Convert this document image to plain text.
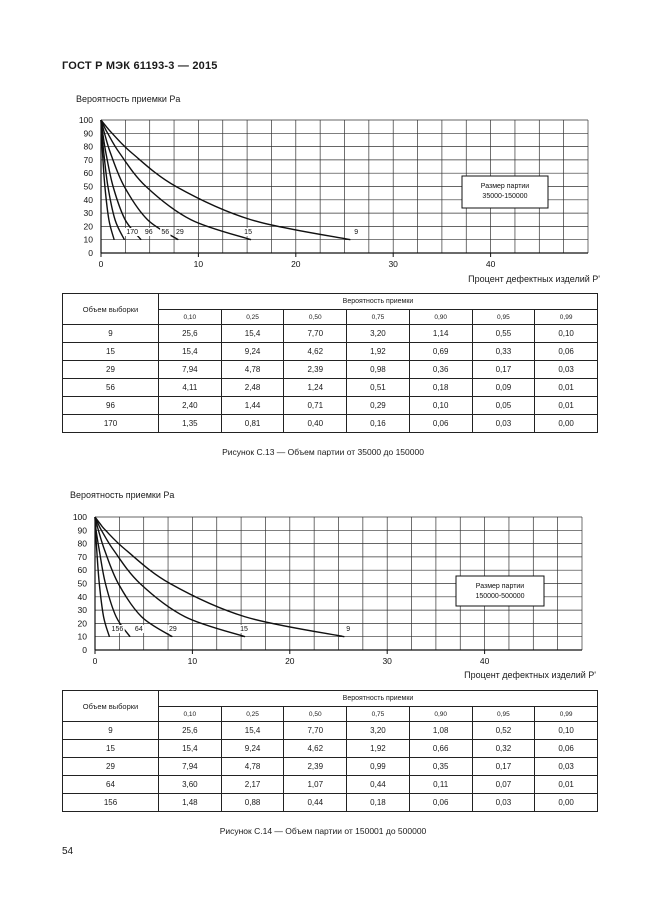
ГОСТ Р МЭК 61193-3 — 2015
Вероятность приемки Pa
0
10
20
30
40
50
60
70
80
90
100
0	10	20	30	40
Размер партии
35000-150000
9
15
29
56
96
170
0
10
20
30
40
50
60
70
80
90
100
0	10	20	30	40
Размер партии
150000-500000
9
15
29
64
156
Процент дефектных изделий P'
Объем выборки	Вероятность приемки						
	0,10	0,25	0,50	0,75	0,90	0,95	0,99
9	25,6	15,4	7,70	3,20	1,14	0,55	0,10
15	15,4	9,24	4,62	1,92	0,69	0,33	0,06
29	7,94	4,78	2,39	0,98	0,36	0,17	0,03
56	4,11	2,48	1,24	0,51	0,18	0,09	0,01
96	2,40	1,44	0,71	0,29	0,10	0,05	0,01
170	1,35	0,81	0,40	0,16	0,06	0,03	0,00
Рисунок С.13 — Объем партии от 35000 до 150000
Вероятность приемки Pa
Процент дефектных изделий P'
Объем выборки	Вероятность приемки						
	0,10	0,25	0,50	0,75	0,90	0,95	0,99
9	25,6	15,4	7,70	3,20	1,08	0,52	0,10
15	15,4	9,24	4,62	1,92	0,66	0,32	0,06
29	7,94	4,78	2,39	0,99	0,35	0,17	0,03
64	3,60	2,17	1,07	0,44	0,11	0,07	0,01
156	1,48	0,88	0,44	0,18	0,06	0,03	0,00
Рисунок С.14 — Объем партии от 150001 до 500000
54
